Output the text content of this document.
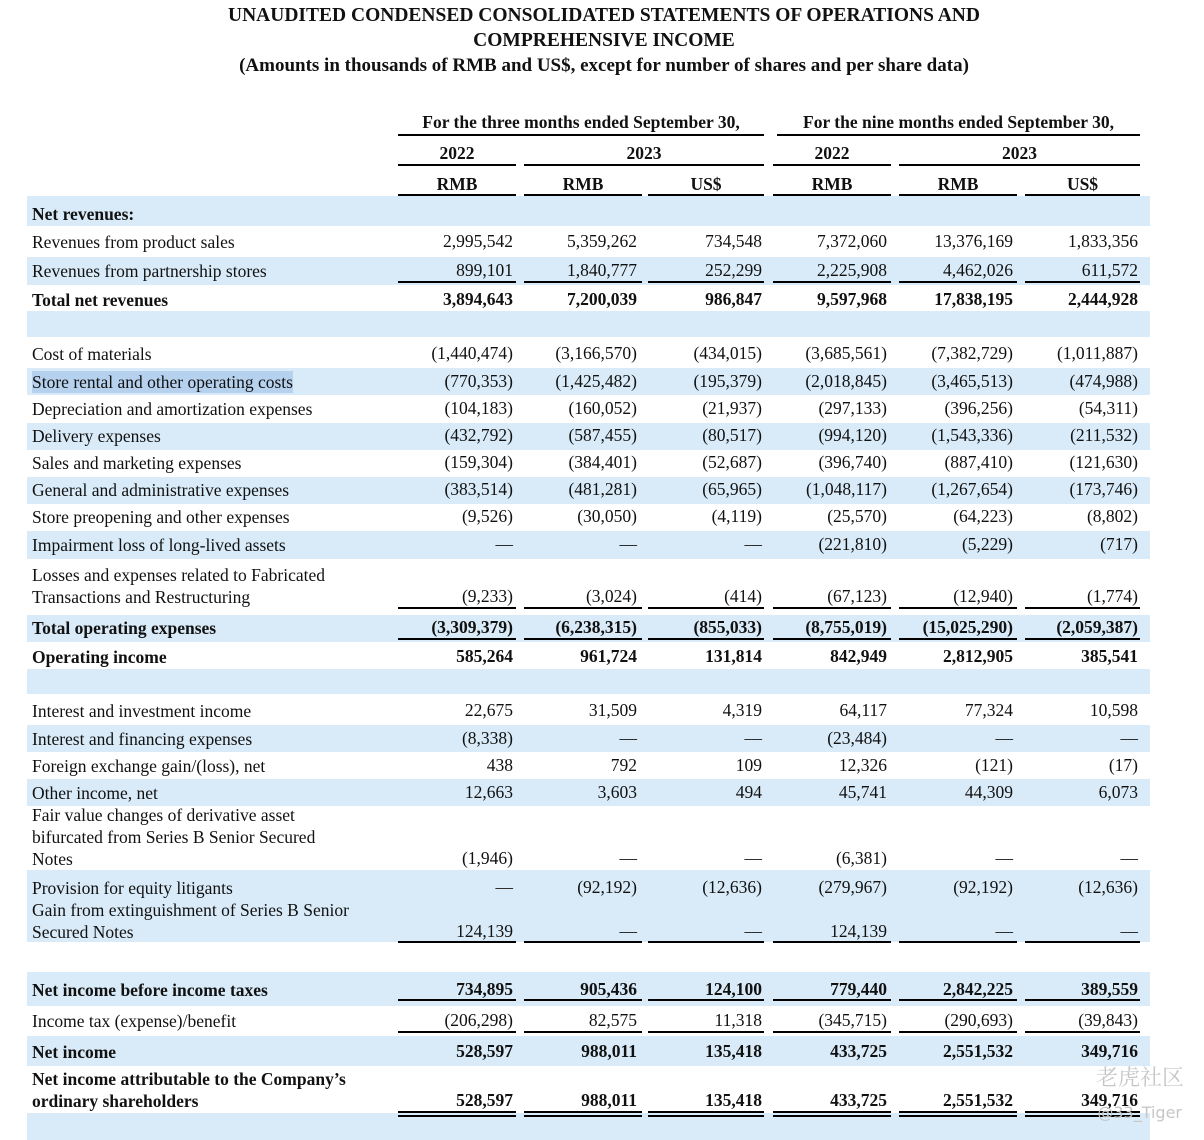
UNAUDITED CONDENSED CONSOLIDATED STATEMENTS OF OPERATIONS AND
COMPREHENSIVE INCOME
(Amounts in thousands of RMB and US$, except for number of shares and per share data)
For the three months ended September 30,	For the nine months ended September 30,
2022	2023	2022	2023
RMB	RMB	US$	RMB	RMB	US$
Net revenues:
Revenues from product sales	2,995,542	5,359,262	734,548	7,372,060	13,376,169	1,833,356
Revenues from partnership stores	899,101	1,840,777	252,299	2,225,908	4,462,026	611,572
Total net revenues	3,894,643	7,200,039	986,847	9,597,968	17,838,195	2,444,928
Cost of materials	(1,440,474)	(3,166,570)	(434,015)	(3,685,561)	(7,382,729)	(1,011,887)
Store rental and other operating costs	(770,353)	(1,425,482)	(195,379)	(2,018,845)	(3,465,513)	(474,988)
Depreciation and amortization expenses	(104,183)	(160,052)	(21,937)	(297,133)	(396,256)	(54,311)
Delivery expenses	(432,792)	(587,455)	(80,517)	(994,120)	(1,543,336)	(211,532)
Sales and marketing expenses	(159,304)	(384,401)	(52,687)	(396,740)	(887,410)	(121,630)
General and administrative expenses	(383,514)	(481,281)	(65,965)	(1,048,117)	(1,267,654)	(173,746)
Store preopening and other expenses	(9,526)	(30,050)	(4,119)	(25,570)	(64,223)	(8,802)
Impairment loss of long-lived assets	—	—	—	(221,810)	(5,229)	(717)
Losses and expenses related to Fabricated
Transactions and Restructuring	(9,233)	(3,024)	(414)	(67,123)	(12,940)	(1,774)
Total operating expenses	(3,309,379)	(6,238,315)	(855,033)	(8,755,019)	(15,025,290)	(2,059,387)
Operating income	585,264	961,724	131,814	842,949	2,812,905	385,541
Interest and investment income	22,675	31,509	4,319	64,117	77,324	10,598
Interest and financing expenses	(8,338)	—	—	(23,484)	—	—
Foreign exchange gain/(loss), net	438	792	109	12,326	(121)	(17)
Other income, net	12,663	3,603	494	45,741	44,309	6,073
Fair value changes of derivative asset
bifurcated from Series B Senior Secured
Notes	(1,946)	—	—	(6,381)	—	—
Provision for equity litigants	—	(92,192)	(12,636)	(279,967)	(92,192)	(12,636)
Gain from extinguishment of Series B Senior
Secured Notes	124,139	—	—	124,139	—	—
Net income before income taxes	734,895	905,436	124,100	779,440	2,842,225	389,559
Income tax (expense)/benefit	(206,298)	82,575	11,318	(345,715)	(290,693)	(39,843)
Net income	528,597	988,011	135,418	433,725	2,551,532	349,716
Net income attributable to the Company’s
ordinary shareholders	528,597	988,011	135,418	433,725	2,551,532	349,716
老虎社区
@33_Tiger
